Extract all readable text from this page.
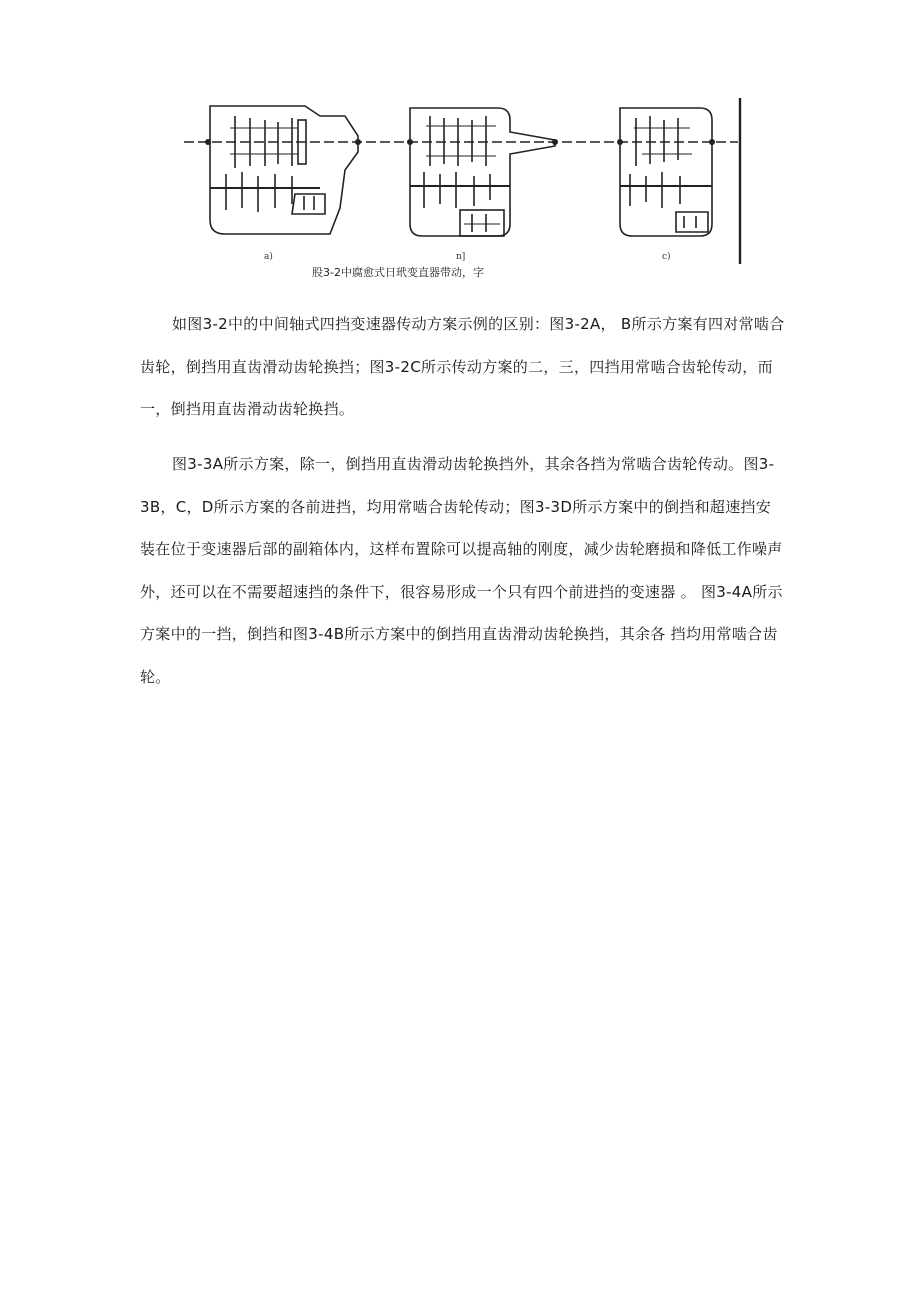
a)	n]	c)
股3-2中腐愈式日玳变直器带动，字

如图3-2中的中间轴式四挡变速器传动方案示例的区别：图3-2A， B所示方案有四对常啮合齿轮，倒挡用直齿滑动齿轮换挡；图3-2C所示传动方案的二，三，四挡用常啮合齿轮传动，而一，倒挡用直齿滑动齿轮换挡。

图3-3A所示方案，除一，倒挡用直齿滑动齿轮换挡外，其余各挡为常啮合齿轮传动。图3-3B，C，D所示方案的各前进挡，均用常啮合齿轮传动；图3-3D所示方案中的倒挡和超速挡安装在位于变速器后部的副箱体内，这样布置除可以提高轴的刚度，减少齿轮磨损和降低工作噪声外，还可以在不需要超速挡的条件下，很容易形成一个只有四个前进挡的变速器 。 图3-4A所示方案中的一挡，倒挡和图3-4B所示方案中的倒挡用直齿滑动齿轮换挡，其余各 挡均用常啮合齿轮。
